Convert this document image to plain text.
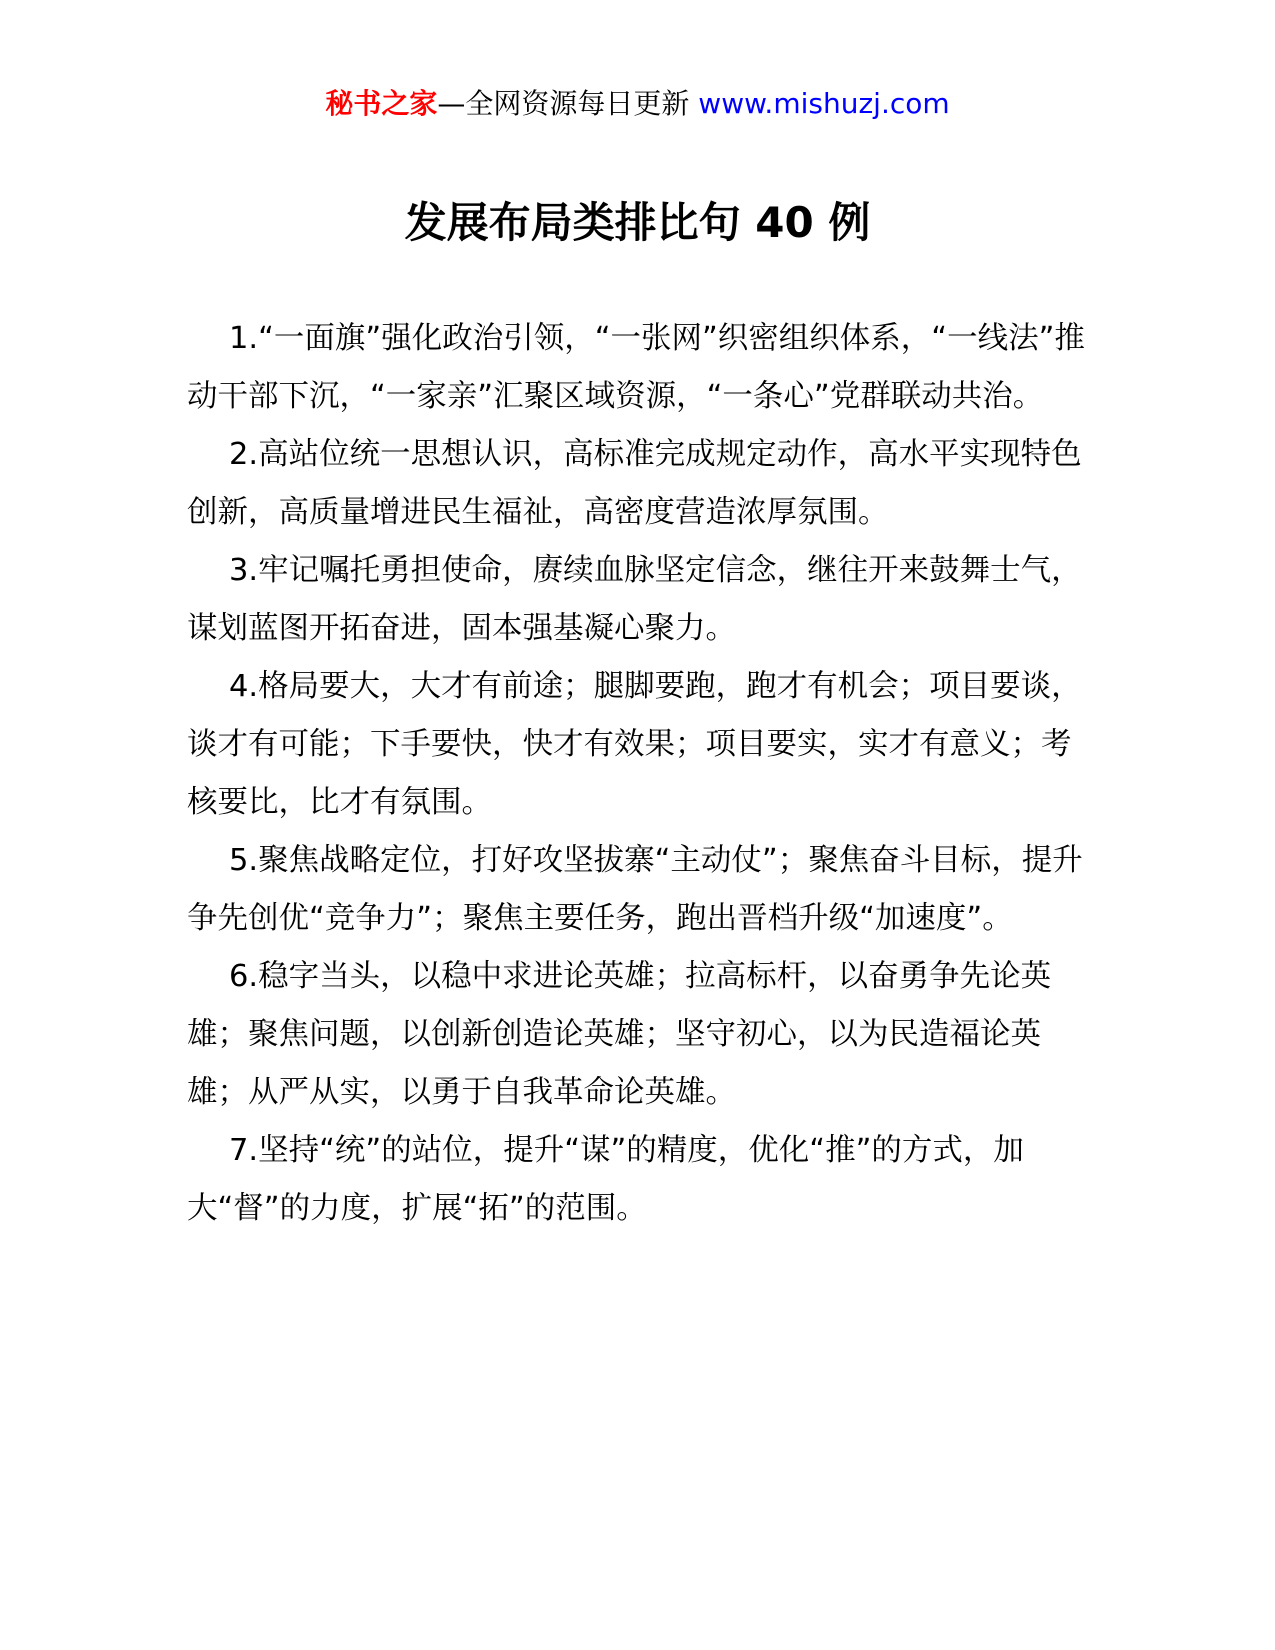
秘书之家—全网资源每日更新 www.mishuzj.com
发展布局类排比句 40 例

1.“一面旗”强化政治引领，“一张网”织密组织体系，“一线法”推动干部下沉，“一家亲”汇聚区域资源，“一条心”党群联动共治。

2.高站位统一思想认识，高标准完成规定动作，高水平实现特色创新，高质量增进民生福祉，高密度营造浓厚氛围。

3.牢记嘱托勇担使命，赓续血脉坚定信念，继往开来鼓舞士气，谋划蓝图开拓奋进，固本强基凝心聚力。

4.格局要大，大才有前途；腿脚要跑，跑才有机会；项目要谈，谈才有可能；下手要快，快才有效果；项目要实，实才有意义；考核要比，比才有氛围。

5.聚焦战略定位，打好攻坚拔寨“主动仗”；聚焦奋斗目标，提升争先创优“竞争力”；聚焦主要任务，跑出晋档升级“加速度”。

6.稳字当头，以稳中求进论英雄；拉高标杆，以奋勇争先论英雄；聚焦问题，以创新创造论英雄；坚守初心，以为民造福论英雄；从严从实，以勇于自我革命论英雄。

7.坚持“统”的站位，提升“谋”的精度，优化“推”的方式，加大“督”的力度，扩展“拓”的范围。
